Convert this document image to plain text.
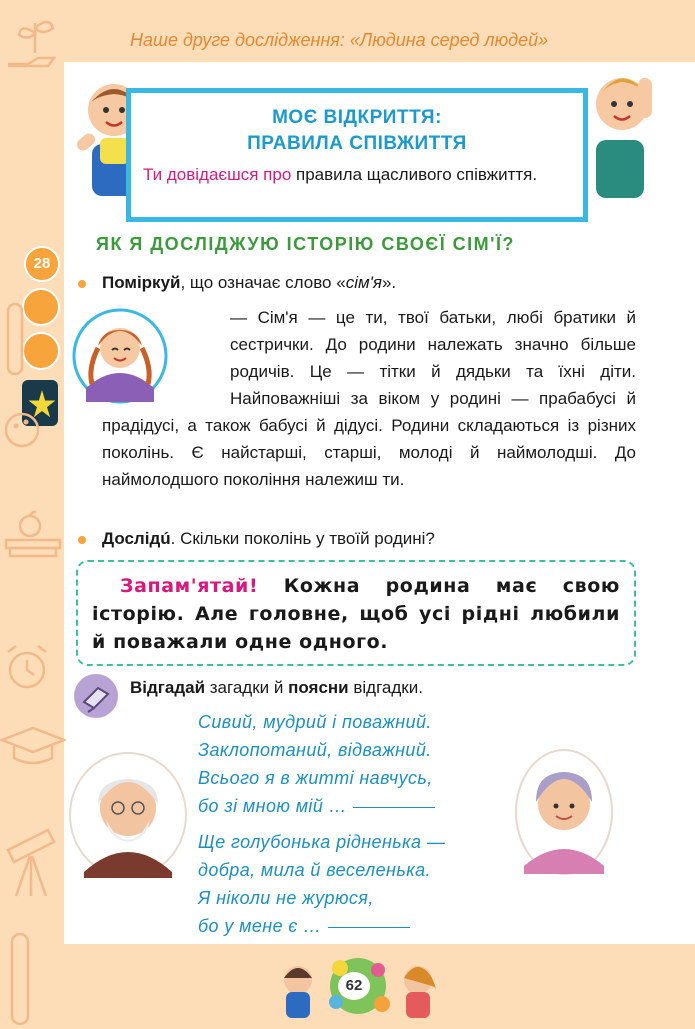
Наше друге дослідження: «Людина серед людей»
28
МОЄ ВІДКРИТТЯ:
ПРАВИЛА СПІВЖИТТЯ
Ти довідаєшся про правила щасливого співжиття.
ЯК Я ДОСЛІДЖУЮ ІСТОРІЮ СВОЄЇ СІМ'Ї?
Поміркуй, що означає слово «сім'я».
— Сім'я — це ти, твої батьки, любі братики й сестрички. До родини належать значно більше родичів. Це — тітки й дядьки та їхні діти. Найповажніші за віком у родині — прабабусі й прадідусі, а також бабусі й дідусі. Родини складаються із різних поколінь. Є найстарші, старші, молоді й наймолодші. До наймолодшого покоління належиш ти.
Дослідú. Скільки поколінь у твоїй родині?
Запам'ятай! Кожна родина має свою історію. Але головне, щоб усі рідні любили й поважали одне одного.
Відгадай загадки й поясни відгадки.
Сивий, мудрий і поважний.
Заклопотаний, відважний.
Всього я в житті навчусь,
бо зі мною мій …
Ще голубонька рідненька —
добра, мила й веселенька.
Я ніколи не журюся,
бо у мене є …
62
